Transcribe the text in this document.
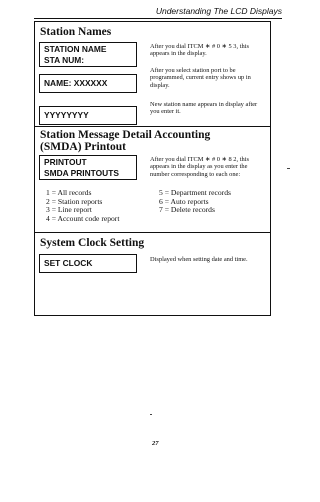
Understanding The LCD Displays
Station Names
STATION NAME
STA NUM:
After you dial ITCM ∗ # 0 ∗ 5 3, this appears in the display.
After you select station port to be programmed, current entry shows up in display.
NAME: XXXXXX
New station name appears in display after you enter it.
YYYYYYYY
Station Message Detail Accounting
(SMDA) Printout
PRINTOUT
SMDA PRINTOUTS
After you dial ITCM ∗ # 0 ∗ 8 2, this appears in the display as you enter the number corresponding to each one:
1 = All records
2 = Station reports
3 = Line report
4 = Account code report
5 = Department records
6 = Auto reports
7 = Delete records
System Clock Setting
SET CLOCK	Displayed when setting date and time.
27
